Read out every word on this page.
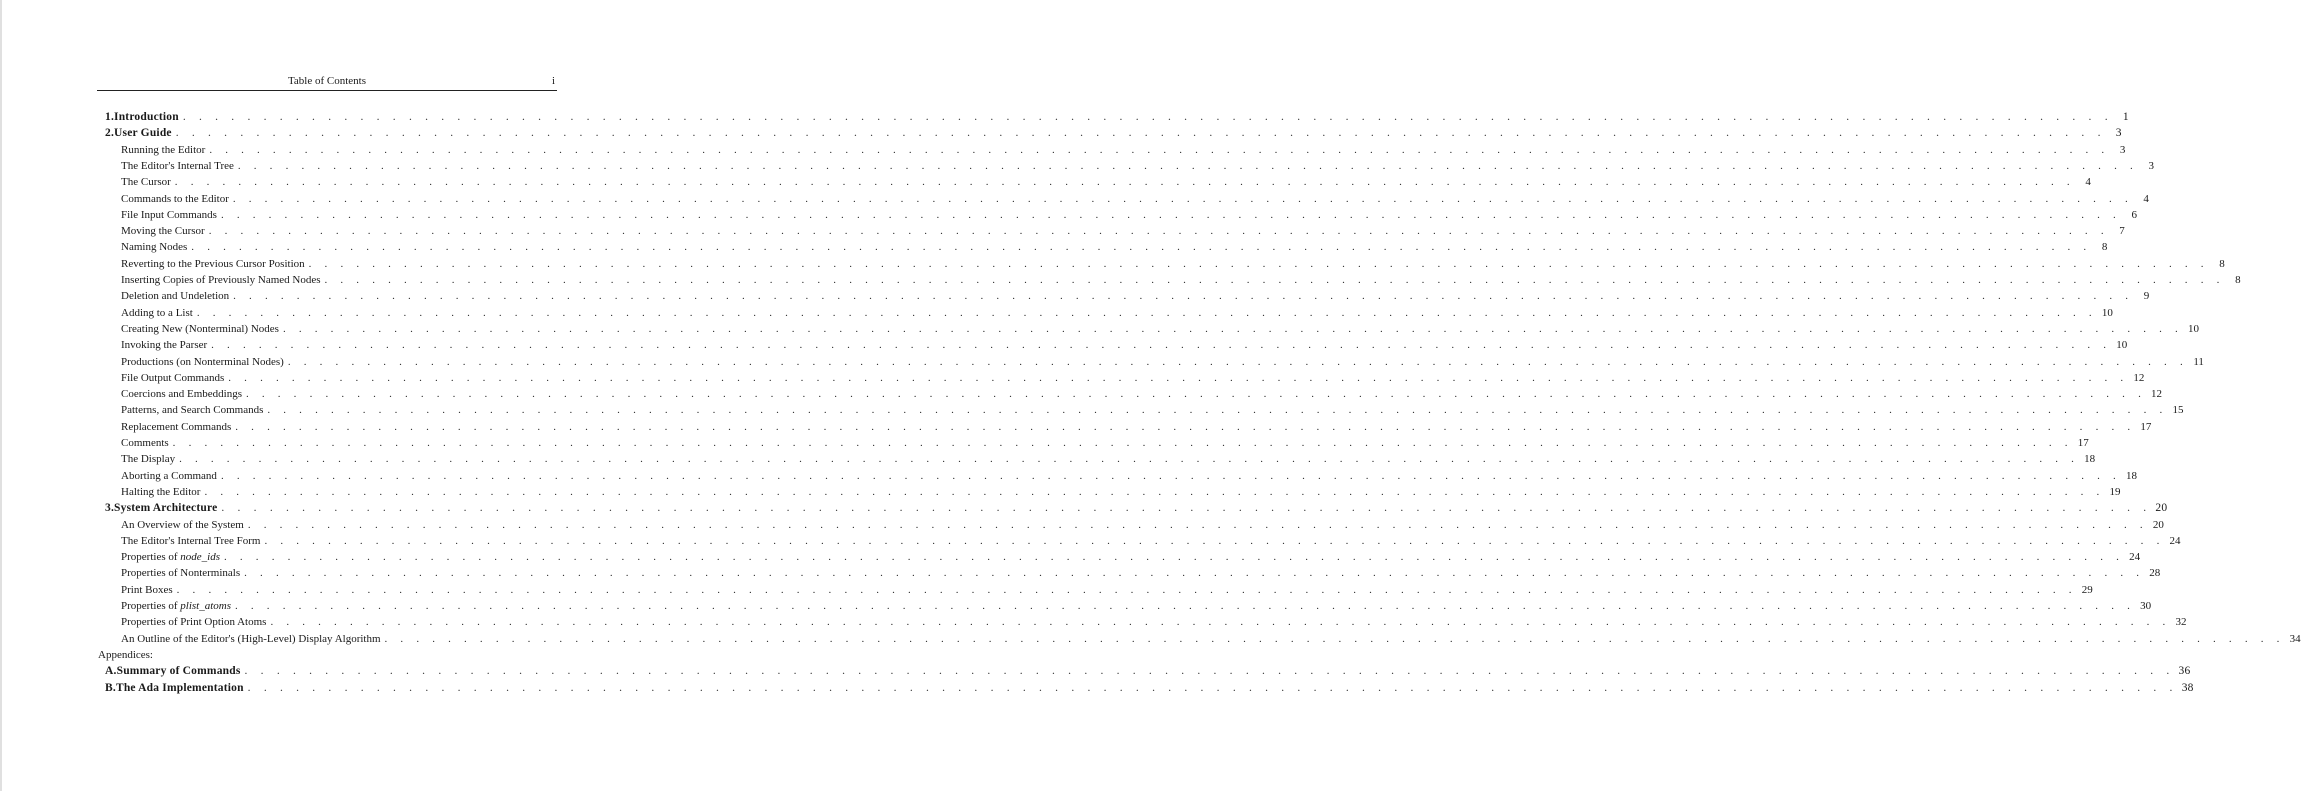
Table of Contents	i
1. Introduction . . . . . . . . . . . . . . . . . . . . . . . . . . . . . . . . . . . . . . . . . . . . . . . . . . . . . . . . . . . . . . . . . . . . . . . . . . . . . . . . . . . . . . . . . . . . . . . . . . . . . . . . . . . . . . . . . . . . . . . . 1
2. User Guide . . . . . . . . . . . . . . . . . . . . . . . . . . . . . . . . . . . . . . . . . . . . . . . . . . . . . . . . . . . . . . . . . . . . . . . . . . . . . . . . . . . . . . . . . . . . . . . . . . . . . . . . . . . . . . . . . . . . . . . . 3
Running the Editor . . . . . . . . . . . . . . . . . . . . . . . . . . . . . . . . . . . . . . . . . . . . . . . . . . . . . . . . . . . . . . . . . . . . . . . . . . . . . . . . . . . . . . . . . . . . . . . . . . . . . . . . . . . . . . . . . . . . . . . . 3
The Editor's Internal Tree . . . . . . . . . . . . . . . . . . . . . . . . . . . . . . . . . . . . . . . . . . . . . . . . . . . . . . . . . . . . . . . . . . . . . . . . . . . . . . . . . . . . . . . . . . . . . . . . . . . . . . . . . . . . . . . . . . . . . . . . 3
The Cursor . . . . . . . . . . . . . . . . . . . . . . . . . . . . . . . . . . . . . . . . . . . . . . . . . . . . . . . . . . . . . . . . . . . . . . . . . . . . . . . . . . . . . . . . . . . . . . . . . . . . . . . . . . . . . . . . . . . . . . . . 4
Commands to the Editor . . . . . . . . . . . . . . . . . . . . . . . . . . . . . . . . . . . . . . . . . . . . . . . . . . . . . . . . . . . . . . . . . . . . . . . . . . . . . . . . . . . . . . . . . . . . . . . . . . . . . . . . . . . . . . . . . . . . . . . . 4
File Input Commands . . . . . . . . . . . . . . . . . . . . . . . . . . . . . . . . . . . . . . . . . . . . . . . . . . . . . . . . . . . . . . . . . . . . . . . . . . . . . . . . . . . . . . . . . . . . . . . . . . . . . . . . . . . . . . . . . . . . . . . . 6
Moving the Cursor . . . . . . . . . . . . . . . . . . . . . . . . . . . . . . . . . . . . . . . . . . . . . . . . . . . . . . . . . . . . . . . . . . . . . . . . . . . . . . . . . . . . . . . . . . . . . . . . . . . . . . . . . . . . . . . . . . . . . . . . 7
Naming Nodes . . . . . . . . . . . . . . . . . . . . . . . . . . . . . . . . . . . . . . . . . . . . . . . . . . . . . . . . . . . . . . . . . . . . . . . . . . . . . . . . . . . . . . . . . . . . . . . . . . . . . . . . . . . . . . . . . . . . . . . . 8
Reverting to the Previous Cursor Position . . . . . . . . . . . . . . . . . . . . . . . . . . . . . . . . . . . . . . . . . . . . . . . . . . . . . . . . . . . . . . . . . . . . . . . . . . . . . . . . . . . . . . . . . . . . . . . . . . . . . . . . . . . . . . . . . . . . . . . . 8
Inserting Copies of Previously Named Nodes . . . . . . . . . . . . . . . . . . . . . . . . . . . . . . . . . . . . . . . . . . . . . . . . . . . . . . . . . . . . . . . . . . . . . . . . . . . . . . . . . . . . . . . . . . . . . . . . . . . . . . . . . . . . . . . . . . . . . . . . 8
Deletion and Undeletion . . . . . . . . . . . . . . . . . . . . . . . . . . . . . . . . . . . . . . . . . . . . . . . . . . . . . . . . . . . . . . . . . . . . . . . . . . . . . . . . . . . . . . . . . . . . . . . . . . . . . . . . . . . . . . . . . . . . . . . . 9
Adding to a List . . . . . . . . . . . . . . . . . . . . . . . . . . . . . . . . . . . . . . . . . . . . . . . . . . . . . . . . . . . . . . . . . . . . . . . . . . . . . . . . . . . . . . . . . . . . . . . . . . . . . . . . . . . . . . . . . . . . . . . . 10
Creating New (Nonterminal) Nodes . . . . . . . . . . . . . . . . . . . . . . . . . . . . . . . . . . . . . . . . . . . . . . . . . . . . . . . . . . . . . . . . . . . . . . . . . . . . . . . . . . . . . . . . . . . . . . . . . . . . . . . . . . . . . . . . . . . . . . . . 10
Invoking the Parser . . . . . . . . . . . . . . . . . . . . . . . . . . . . . . . . . . . . . . . . . . . . . . . . . . . . . . . . . . . . . . . . . . . . . . . . . . . . . . . . . . . . . . . . . . . . . . . . . . . . . . . . . . . . . . . . . . . . . . . . 10
Productions (on Nonterminal Nodes) . . . . . . . . . . . . . . . . . . . . . . . . . . . . . . . . . . . . . . . . . . . . . . . . . . . . . . . . . . . . . . . . . . . . . . . . . . . . . . . . . . . . . . . . . . . . . . . . . . . . . . . . . . . . . . . . . . . . . . . . 11
File Output Commands . . . . . . . . . . . . . . . . . . . . . . . . . . . . . . . . . . . . . . . . . . . . . . . . . . . . . . . . . . . . . . . . . . . . . . . . . . . . . . . . . . . . . . . . . . . . . . . . . . . . . . . . . . . . . . . . . . . . . . . . 12
Coercions and Embeddings . . . . . . . . . . . . . . . . . . . . . . . . . . . . . . . . . . . . . . . . . . . . . . . . . . . . . . . . . . . . . . . . . . . . . . . . . . . . . . . . . . . . . . . . . . . . . . . . . . . . . . . . . . . . . . . . . . . . . . . . 12
Patterns, and Search Commands . . . . . . . . . . . . . . . . . . . . . . . . . . . . . . . . . . . . . . . . . . . . . . . . . . . . . . . . . . . . . . . . . . . . . . . . . . . . . . . . . . . . . . . . . . . . . . . . . . . . . . . . . . . . . . . . . . . . . . . . 15
Replacement Commands . . . . . . . . . . . . . . . . . . . . . . . . . . . . . . . . . . . . . . . . . . . . . . . . . . . . . . . . . . . . . . . . . . . . . . . . . . . . . . . . . . . . . . . . . . . . . . . . . . . . . . . . . . . . . . . . . . . . . . . . 17
Comments . . . . . . . . . . . . . . . . . . . . . . . . . . . . . . . . . . . . . . . . . . . . . . . . . . . . . . . . . . . . . . . . . . . . . . . . . . . . . . . . . . . . . . . . . . . . . . . . . . . . . . . . . . . . . . . . . . . . . . . . 17
The Display . . . . . . . . . . . . . . . . . . . . . . . . . . . . . . . . . . . . . . . . . . . . . . . . . . . . . . . . . . . . . . . . . . . . . . . . . . . . . . . . . . . . . . . . . . . . . . . . . . . . . . . . . . . . . . . . . . . . . . . . 18
Aborting a Command . . . . . . . . . . . . . . . . . . . . . . . . . . . . . . . . . . . . . . . . . . . . . . . . . . . . . . . . . . . . . . . . . . . . . . . . . . . . . . . . . . . . . . . . . . . . . . . . . . . . . . . . . . . . . . . . . . . . . . . . 18
Halting the Editor . . . . . . . . . . . . . . . . . . . . . . . . . . . . . . . . . . . . . . . . . . . . . . . . . . . . . . . . . . . . . . . . . . . . . . . . . . . . . . . . . . . . . . . . . . . . . . . . . . . . . . . . . . . . . . . . . . . . . . . . 19
3. System Architecture . . . . . . . . . . . . . . . . . . . . . . . . . . . . . . . . . . . . . . . . . . . . . . . . . . . . . . . . . . . . . . . . . . . . . . . . . . . . . . . . . . . . . . . . . . . . . . . . . . . . . . . . . . . . . . . . . . . . . . . . 20
An Overview of the System . . . . . . . . . . . . . . . . . . . . . . . . . . . . . . . . . . . . . . . . . . . . . . . . . . . . . . . . . . . . . . . . . . . . . . . . . . . . . . . . . . . . . . . . . . . . . . . . . . . . . . . . . . . . . . . . . . . . . . . . 20
The Editor's Internal Tree Form . . . . . . . . . . . . . . . . . . . . . . . . . . . . . . . . . . . . . . . . . . . . . . . . . . . . . . . . . . . . . . . . . . . . . . . . . . . . . . . . . . . . . . . . . . . . . . . . . . . . . . . . . . . . . . . . . . . . . . . . 24
Properties of node_ids . . . . . . . . . . . . . . . . . . . . . . . . . . . . . . . . . . . . . . . . . . . . . . . . . . . . . . . . . . . . . . . . . . . . . . . . . . . . . . . . . . . . . . . . . . . . . . . . . . . . . . . . . . . . . . . . . . . . . . . . 24
Properties of Nonterminals . . . . . . . . . . . . . . . . . . . . . . . . . . . . . . . . . . . . . . . . . . . . . . . . . . . . . . . . . . . . . . . . . . . . . . . . . . . . . . . . . . . . . . . . . . . . . . . . . . . . . . . . . . . . . . . . . . . . . . . . 28
Print Boxes . . . . . . . . . . . . . . . . . . . . . . . . . . . . . . . . . . . . . . . . . . . . . . . . . . . . . . . . . . . . . . . . . . . . . . . . . . . . . . . . . . . . . . . . . . . . . . . . . . . . . . . . . . . . . . . . . . . . . . . . 29
Properties of plist_atoms . . . . . . . . . . . . . . . . . . . . . . . . . . . . . . . . . . . . . . . . . . . . . . . . . . . . . . . . . . . . . . . . . . . . . . . . . . . . . . . . . . . . . . . . . . . . . . . . . . . . . . . . . . . . . . . . . . . . . . . . 30
Properties of Print Option Atoms . . . . . . . . . . . . . . . . . . . . . . . . . . . . . . . . . . . . . . . . . . . . . . . . . . . . . . . . . . . . . . . . . . . . . . . . . . . . . . . . . . . . . . . . . . . . . . . . . . . . . . . . . . . . . . . . . . . . . . . . 32
An Outline of the Editor's (High-Level) Display Algorithm . . . . . . . . . . . . . . . . . . . . . . . . . . . . . . . . . . . . . . . . . . . . . . . . . . . . . . . . . . . . . . . . . . . . . . . . . . . . . . . . . . . . . . . . . . . . . . . . . . . . . . . . . . . . . . . . . . . . . . . . 34
Appendices:
A. Summary of Commands . . . . . . . . . . . . . . . . . . . . . . . . . . . . . . . . . . . . . . . . . . . . . . . . . . . . . . . . . . . . . . . . . . . . . . . . . . . . . . . . . . . . . . . . . . . . . . . . . . . . . . . . . . . . . . . . . . . . . . . . 36
B. The Ada Implementation . . . . . . . . . . . . . . . . . . . . . . . . . . . . . . . . . . . . . . . . . . . . . . . . . . . . . . . . . . . . . . . . . . . . . . . . . . . . . . . . . . . . . . . . . . . . . . . . . . . . . . . . . . . . . . . . . . . . . . . . 38
